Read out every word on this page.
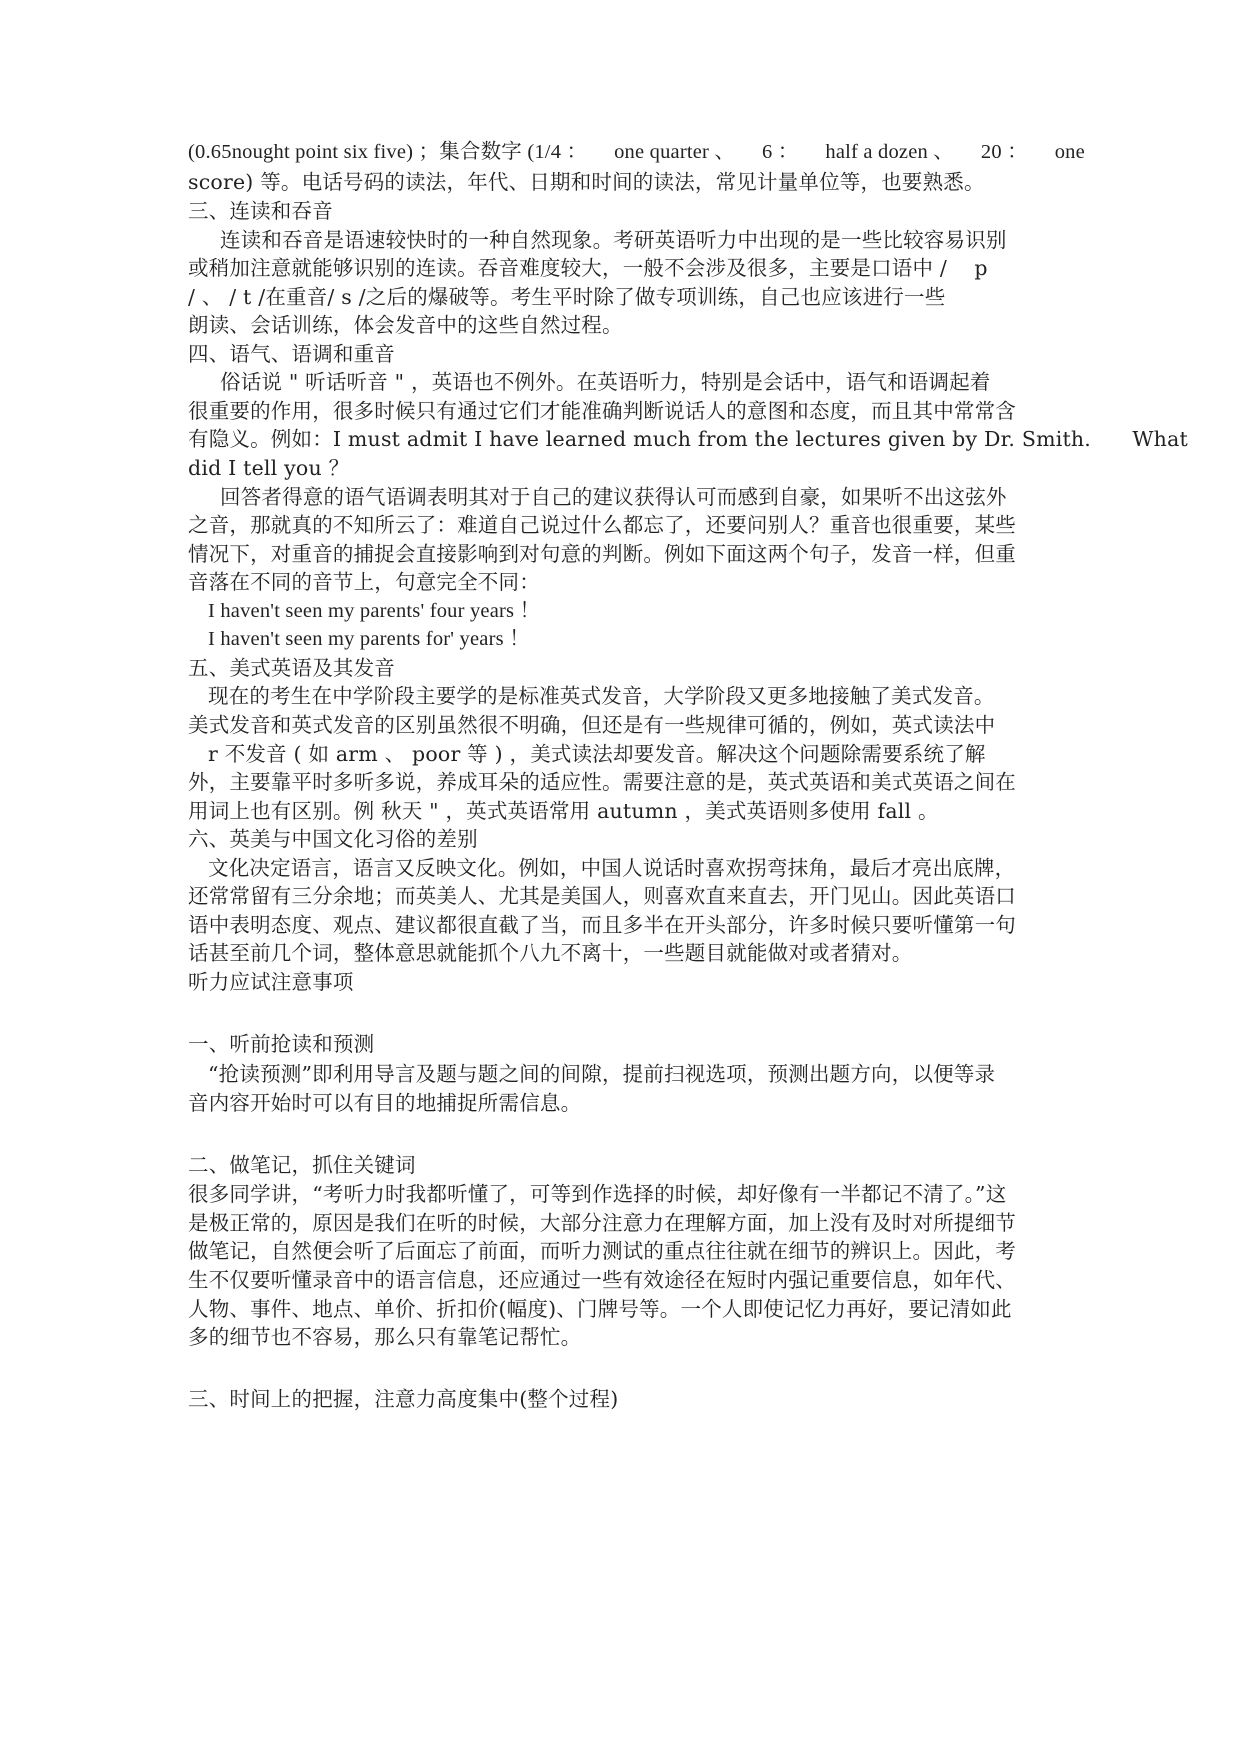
(0.65nought point six five) ；集合数字 (1/4 ： one quarter 、 6 ： half a dozen 、 20 ： one
score) 等。电话号码的读法，年代、日期和时间的读法，常见计量单位等，也要熟悉。
三、连读和吞音
连读和吞音是语速较快时的一种自然现象。考研英语听力中出现的是一些比较容易识别
或稍加注意就能够识别的连读。吞音难度较大，一般不会涉及很多，主要是口语中 /　 p
/ 、 / t /在重音/ s /之后的爆破等。考生平时除了做专项训练，自己也应该进行一些
朗读、会话训练，体会发音中的这些自然过程。
四、语气、语调和重音
俗话说 " 听话听音 " ，英语也不例外。在英语听力，特别是会话中，语气和语调起着
很重要的作用，很多时候只有通过它们才能准确判断说话人的意图和态度，而且其中常常含
有隐义。例如：I must admit I have learned much from the lectures given by Dr. Smith.　　What
did I tell you ？
回答者得意的语气语调表明其对于自己的建议获得认可而感到自豪，如果听不出这弦外
之音，那就真的不知所云了：难道自己说过什么都忘了，还要问别人？重音也很重要，某些
情况下，对重音的捕捉会直接影响到对句意的判断。例如下面这两个句子，发音一样，但重
音落在不同的音节上，句意完全不同：
I haven't seen my parents' four years ！
I haven't seen my parents for' years ！
五、美式英语及其发音
现在的考生在中学阶段主要学的是标准英式发音，大学阶段又更多地接触了美式发音。
美式发音和英式发音的区别虽然很不明确，但还是有一些规律可循的，例如，英式读法中
r 不发音 ( 如 arm 、 poor 等 ) ，美式读法却要发音。解决这个问题除需要系统了解
外，主要靠平时多听多说，养成耳朵的适应性。需要注意的是，英式英语和美式英语之间在
用词上也有区别。例 秋天 " ，英式英语常用 autumn ，美式英语则多使用 fall 。
六、英美与中国文化习俗的差别
文化决定语言，语言又反映文化。例如，中国人说话时喜欢拐弯抹角，最后才亮出底牌，
还常常留有三分余地；而英美人、尤其是美国人，则喜欢直来直去，开门见山。因此英语口
语中表明态度、观点、建议都很直截了当，而且多半在开头部分，许多时候只要听懂第一句
话甚至前几个词，整体意思就能抓个八九不离十，一些题目就能做对或者猜对。
听力应试注意事项
一、听前抢读和预测
“抢读预测”即利用导言及题与题之间的间隙，提前扫视选项，预测出题方向，以便等录
音内容开始时可以有目的地捕捉所需信息。
二、做笔记，抓住关键词
很多同学讲，“考听力时我都听懂了，可等到作选择的时候，却好像有一半都记不清了。”这
是极正常的，原因是我们在听的时候，大部分注意力在理解方面，加上没有及时对所提细节
做笔记，自然便会听了后面忘了前面，而听力测试的重点往往就在细节的辨识上。因此，考
生不仅要听懂录音中的语言信息，还应通过一些有效途径在短时内强记重要信息，如年代、
人物、事件、地点、单价、折扣价(幅度)、门牌号等。一个人即使记忆力再好，要记清如此
多的细节也不容易，那么只有靠笔记帮忙。
三、时间上的把握，注意力高度集中(整个过程)
